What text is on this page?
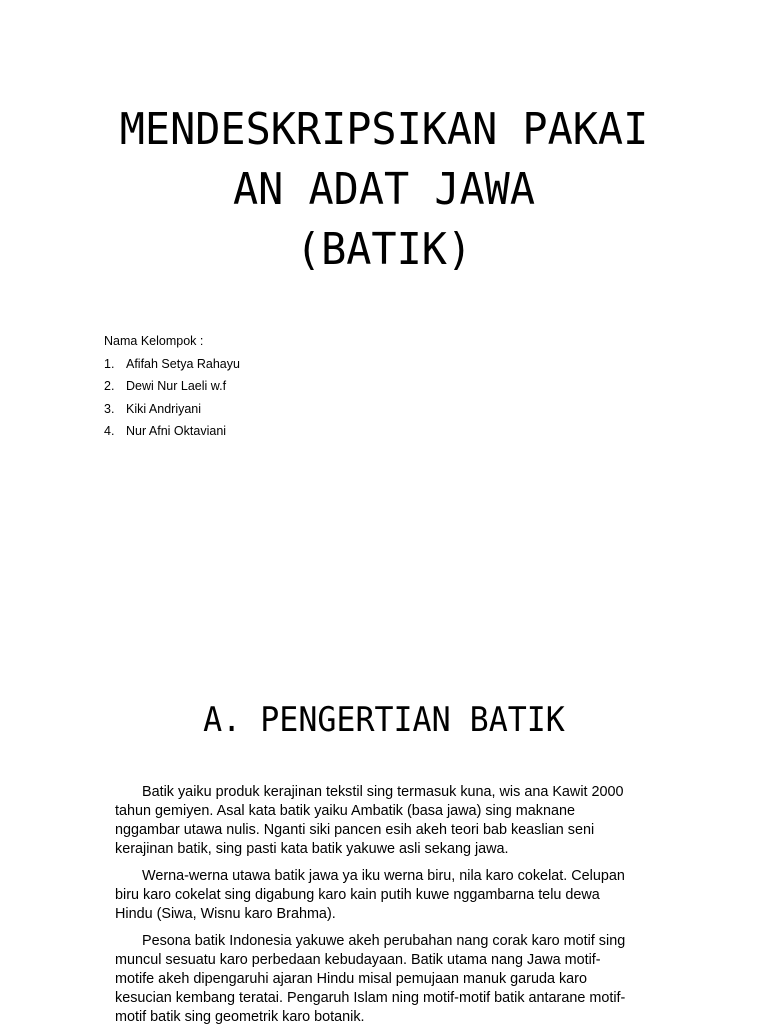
MENDESKRIPSIKAN PAKAI
AN ADAT JAWA
(BATIK)
Nama Kelompok :
1. Afifah Setya Rahayu
2. Dewi Nur Laeli w.f
3. Kiki Andriyani
4. Nur Afni Oktaviani
A. PENGERTIAN BATIK

Batik yaiku produk kerajinan tekstil sing termasuk kuna, wis ana Kawit 2000
tahun gemiyen. Asal kata batik yaiku Ambatik (basa jawa) sing maknane
nggambar utawa nulis. Nganti siki pancen esih akeh teori bab keaslian seni
kerajinan batik, sing pasti kata batik yakuwe asli sekang jawa.

Werna-werna utawa batik jawa ya iku werna biru, nila karo cokelat. Celupan
biru karo cokelat sing digabung karo kain putih kuwe nggambarna telu dewa
Hindu (Siwa, Wisnu karo Brahma).

Pesona batik Indonesia yakuwe akeh perubahan nang corak karo motif sing
muncul sesuatu karo perbedaan kebudayaan. Batik utama nang Jawa motif-
motife akeh dipengaruhi ajaran Hindu misal pemujaan manuk garuda karo
kesucian kembang teratai. Pengaruh Islam ning motif-motif batik antarane motif-
motif batik sing geometrik karo botanik.
